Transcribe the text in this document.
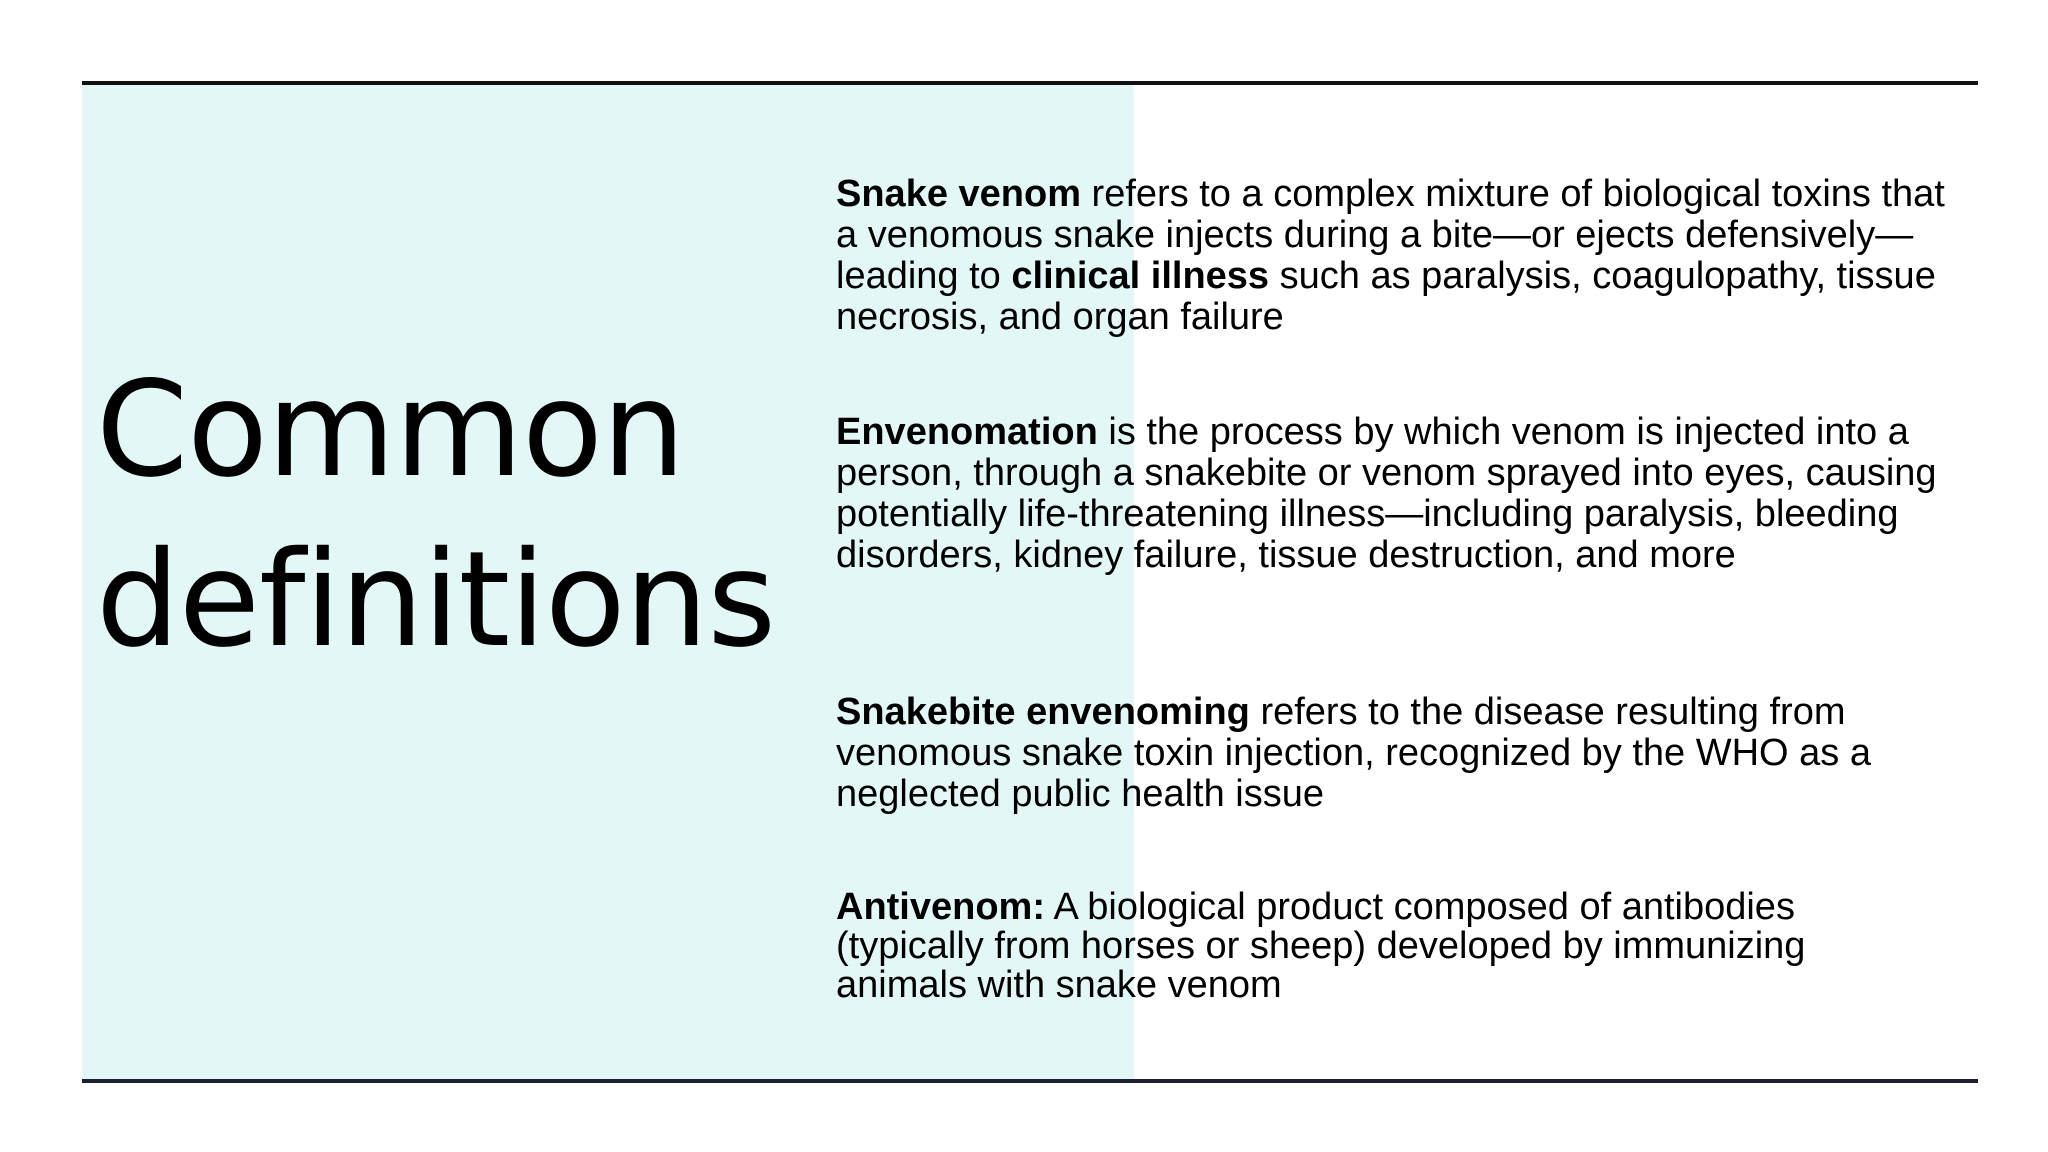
Common definitions

Snake venom refers to a complex mixture of biological toxins that a venomous snake injects during a bite—or ejects defensively—leading to clinical illness such as paralysis, coagulopathy, tissue necrosis, and organ failure

Envenomation is the process by which venom is injected into a person, through a snakebite or venom sprayed into eyes, causing potentially life-threatening illness—including paralysis, bleeding disorders, kidney failure, tissue destruction, and more

Snakebite envenoming refers to the disease resulting from venomous snake toxin injection, recognized by the WHO as a neglected public health issue

Antivenom: A biological product composed of antibodies (typically from horses or sheep) developed by immunizing animals with snake venom
